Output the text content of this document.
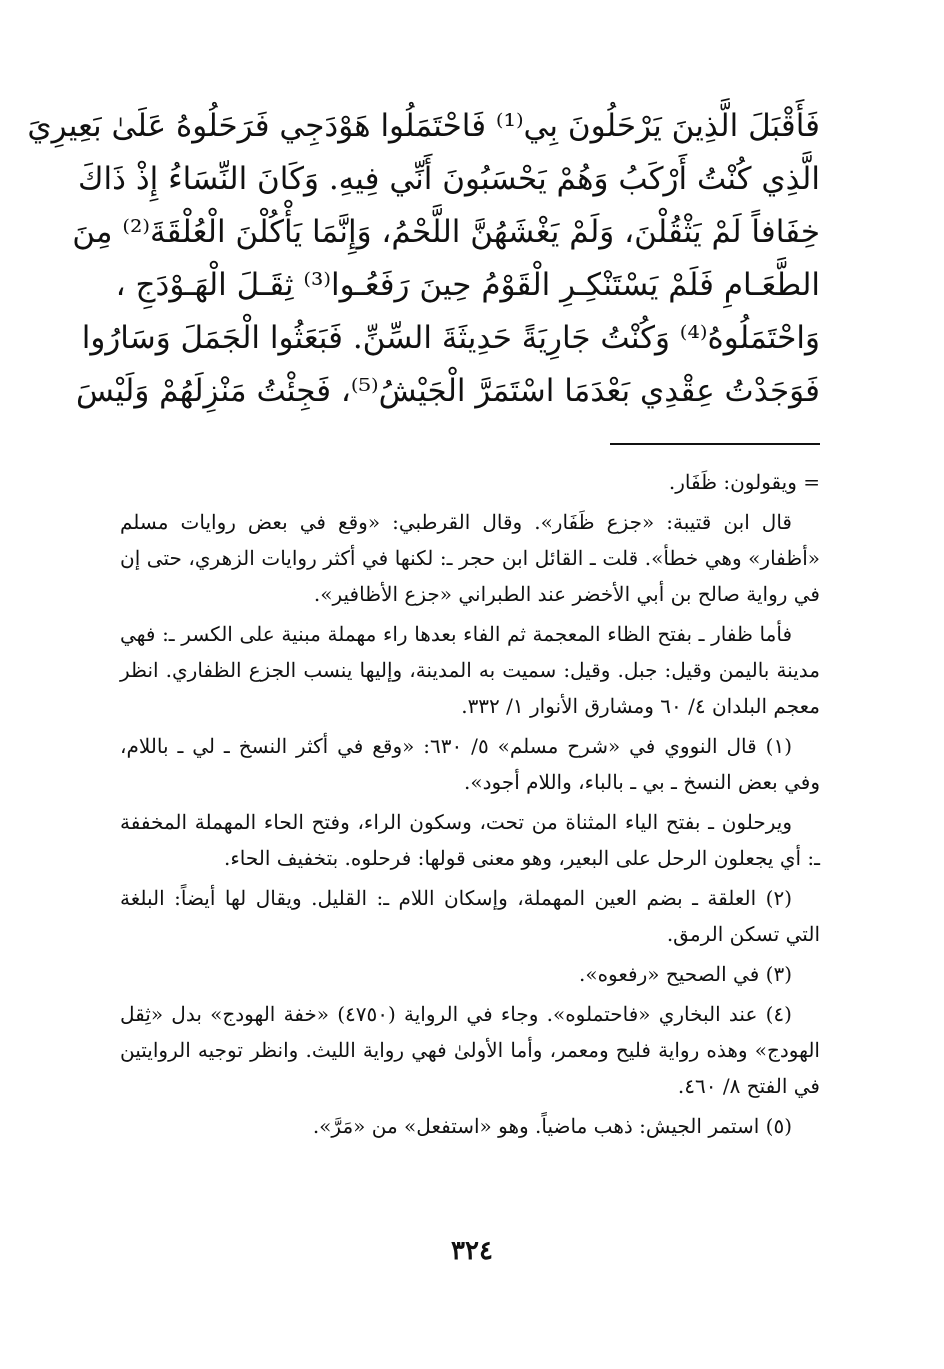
فَأَقْبَلَ الَّذِينَ يَرْحَلُونَ بِي⁽¹⁾ فَاحْتَمَلُوا هَوْدَجِي فَرَحَلُوهُ عَلَىٰ بَعِيرِيَ
الَّذِي كُنْتُ أَرْكَبُ وَهُمْ يَحْسَبُونَ أَنِّي فِيهِ. وَكَانَ النِّسَاءُ إِذْ ذَاكَ
خِفَافاً لَمْ يَثْقُلْنَ، وَلَمْ يَغْشَهُنَّ اللَّحْمُ، وَإِنَّمَا يَأْكُلْنَ الْعُلْقَةَ⁽²⁾ مِنَ
الطَّعَـامِ فَلَمْ يَسْتَنْكِـرِ الْقَوْمُ حِينَ رَفَعُـوا⁽³⁾ ثِقَـلَ الْهَـوْدَجِ ،
وَاحْتَمَلُوهُ⁽⁴⁾ وَكُنْتُ جَارِيَةً حَدِيثَةَ السِّنِّ. فَبَعَثُوا الْجَمَلَ وَسَارُوا
فَوَجَدْتُ عِقْدِي بَعْدَمَا اسْتَمَرَّ الْجَيْشُ⁽⁵⁾، فَجِئْتُ مَنْزِلَهُمْ وَلَيْسَ

= ويقولون: ظَفَار.

قال ابن قتيبة: «جزع ظَفَار». وقال القرطبي: «وقع في بعض روايات مسلم «أظفار» وهي خطأ». قلت ـ القائل ابن حجر ـ: لكنها في أكثر روايات الزهري، حتى إن في رواية صالح بن أبي الأخضر عند الطبراني «جزع الأظافير».

فأما ظفار ـ بفتح الظاء المعجمة ثم الفاء بعدها راء مهملة مبنية على الكسر ـ: فهي مدينة باليمن وقيل: جبل. وقيل: سميت به المدينة، وإليها ينسب الجزع الظفاري. انظر معجم البلدان ٤/ ٦٠ ومشارق الأنوار ١/ ٣٣٢.

(١) قال النووي في «شرح مسلم» ٥/ ٦٣٠: «وقع في أكثر النسخ ـ لي ـ باللام، وفي بعض النسخ ـ بي ـ بالباء، واللام أجود».

ويرحلون ـ بفتح الياء المثناة من تحت، وسكون الراء، وفتح الحاء المهملة المخففة ـ: أي يجعلون الرحل على البعير، وهو معنى قولها: فرحلوه. بتخفيف الحاء.

(٢) العلقة ـ بضم العين المهملة، وإسكان اللام ـ: القليل. ويقال لها أيضاً: البلغة التي تسكن الرمق.

(٣) في الصحيح «رفعوه».

(٤) عند البخاري «فاحتملوه». وجاء في الرواية (٤٧٥٠) «خفة الهودج» بدل «ثِقل الهودج» وهذه رواية فليح ومعمر، وأما الأولىٰ فهي رواية الليث. وانظر توجيه الروايتين في الفتح ٨/ ٤٦٠.

(٥) استمر الجيش: ذهب ماضياً. وهو «استفعل» من «مَرَّ».

٣٢٤
